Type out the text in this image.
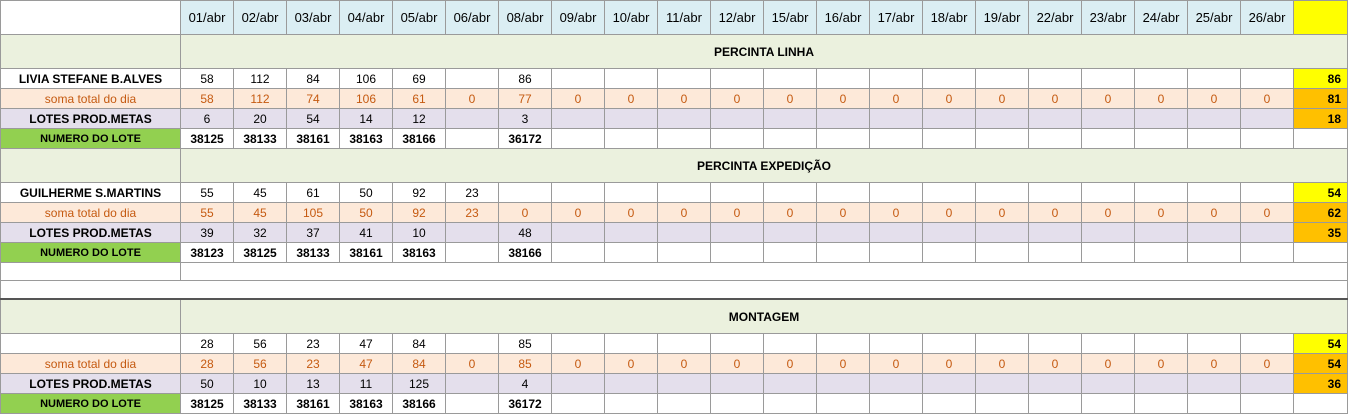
	01/abr	02/abr	03/abr	04/abr	05/abr	06/abr	08/abr	09/abr	10/abr	11/abr	12/abr	15/abr	16/abr	17/abr	18/abr	19/abr	22/abr	23/abr	24/abr	25/abr	26/abr	
	PERCINTA LINHA																					
LIVIA STEFANE B.ALVES	58	112	84	106	69		86															86
soma total do dia	58	112	74	106	61	0	77	0	0	0	0	0	0	0	0	0	0	0	0	0	0	81
LOTES PROD.METAS	6	20	54	14	12		3															18
NUMERO DO LOTE	38125	38133	38161	38163	38166		36172															
	PERCINTA EXPEDIÇÃO																					
GUILHERME S.MARTINS	55	45	61	50	92	23																54
soma total do dia	55	45	105	50	92	23	0	0	0	0	0	0	0	0	0	0	0	0	0	0	0	62
LOTES PROD.METAS	39	32	37	41	10		48															35
NUMERO DO LOTE	38123	38125	38133	38161	38163		38166															

	MONTAGEM																					
	28	56	23	47	84		85															54
soma total do dia	28	56	23	47	84	0	85	0	0	0	0	0	0	0	0	0	0	0	0	0	0	54
LOTES PROD.METAS	50	10	13	11	125		4															36
NUMERO DO LOTE	38125	38133	38161	38163	38166		36172															
